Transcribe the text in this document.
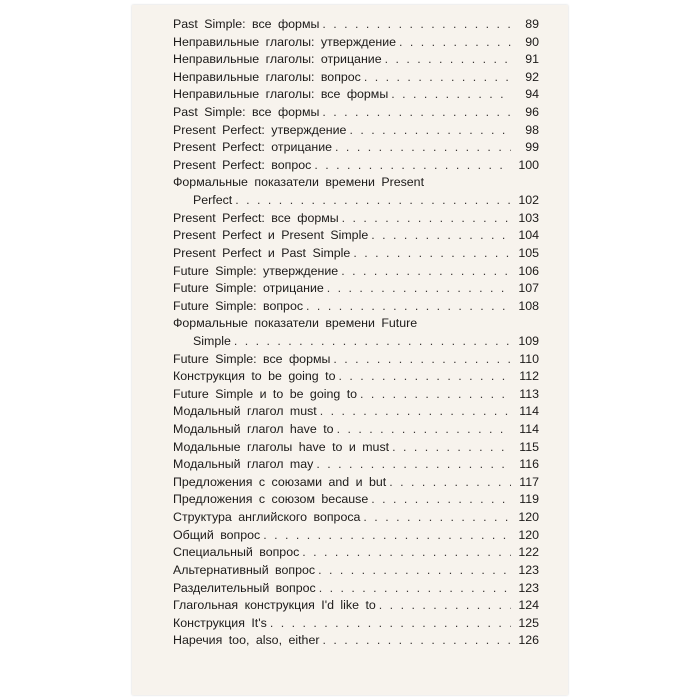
Past Simple: все формы . . .	89
Неправильные глаголы: утверждение . . .	90
Неправильные глаголы: отрицание . . .	91
Неправильные глаголы: вопрос . . .	92
Неправильные глаголы: все формы . . .	94
Past Simple: все формы . . .	96
Present Perfect: утверждение . . .	98
Present Perfect: отрицание . . .	99
Present Perfect: вопрос . . .	100
Формальные показатели времени Present
Perfect . . .	102
Present Perfect: все формы . . .	103
Present Perfect и Present Simple . . .	104
Present Perfect и Past Simple . . .	105
Future Simple: утверждение . . .	106
Future Simple: отрицание . . .	107
Future Simple: вопрос . . .	108
Формальные показатели времени Future
Simple . . .	109
Future Simple: все формы . . .	110
Конструкция to be going to . . .	112
Future Simple и to be going to . . .	113
Модальный глагол must . . .	114
Модальный глагол have to . . .	114
Модальные глаголы have to и must . . .	115
Модальный глагол may . . .	116
Предложения с союзами and и but . . .	117
Предложения с союзом because . . .	119
Структура английского вопроса . . .	120
Общий вопрос . . .	120
Специальный вопрос . . .	122
Альтернативный вопрос . . .	123
Разделительный вопрос . . .	123
Глагольная конструкция I'd like to . . .	124
Конструкция It's . . .	125
Наречия too, also, either . . .	126
